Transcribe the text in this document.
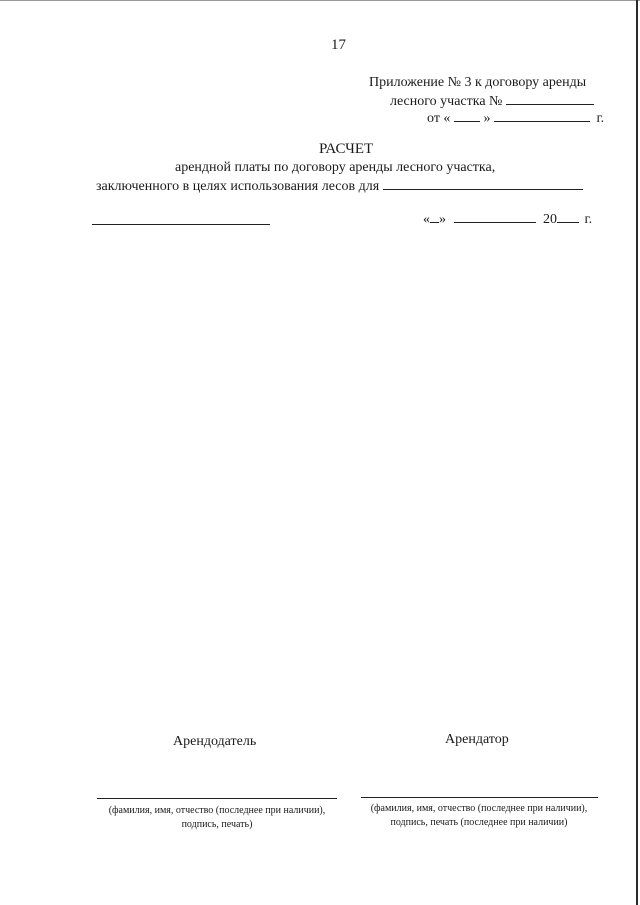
17
Приложение № 3 к договору аренды
лесного участка №
от « »	г.
РАСЧЕТ
арендной платы по договору аренды лесного участка,
заключенного в целях использования лесов для
« »	20 г.
Арендодатель	Арендатор
(фамилия, имя, отчество (последнее при наличии),
подпись, печать)
(фамилия, имя, отчество (последнее при наличии),
подпись, печать (последнее при наличии)
